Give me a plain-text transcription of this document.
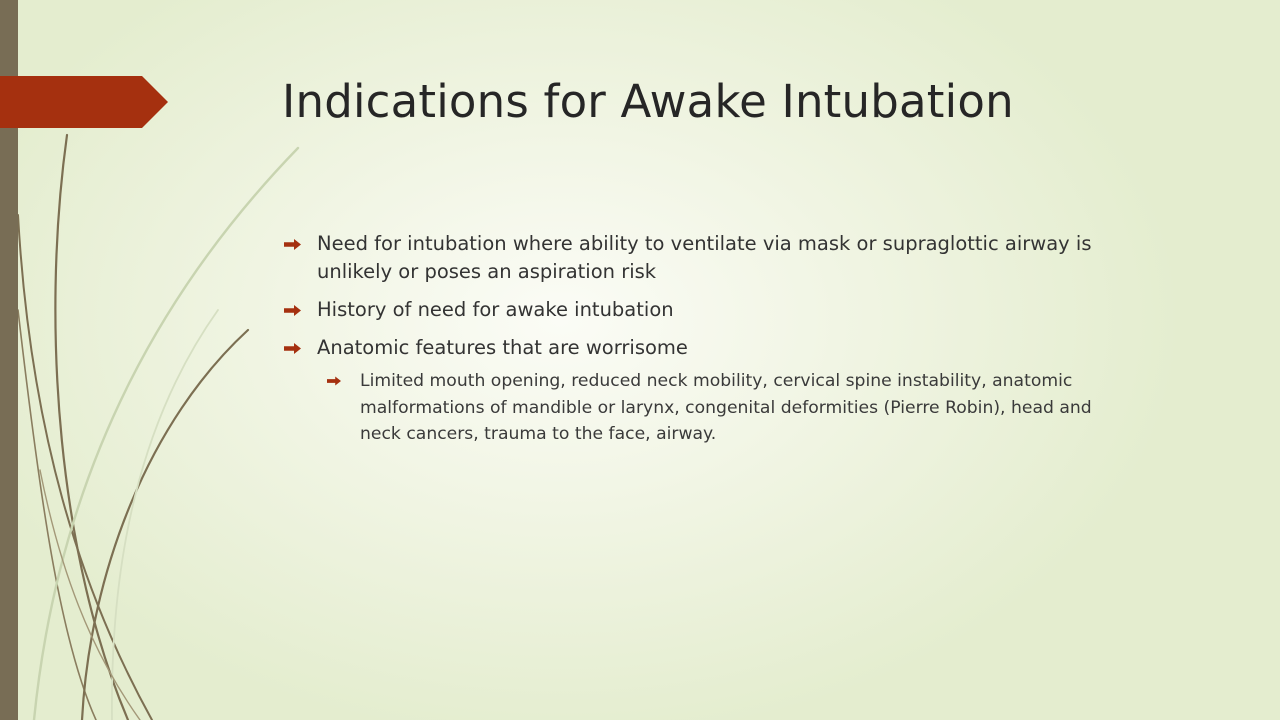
Indications for Awake Intubation
Need for intubation where ability to ventilate via mask or supraglottic airway is unlikely or poses an aspiration risk
History of need for awake intubation
Anatomic features that are worrisome
Limited mouth opening, reduced neck mobility, cervical spine instability, anatomic malformations of mandible or larynx, congenital deformities (Pierre Robin), head and neck cancers, trauma to the face, airway.
